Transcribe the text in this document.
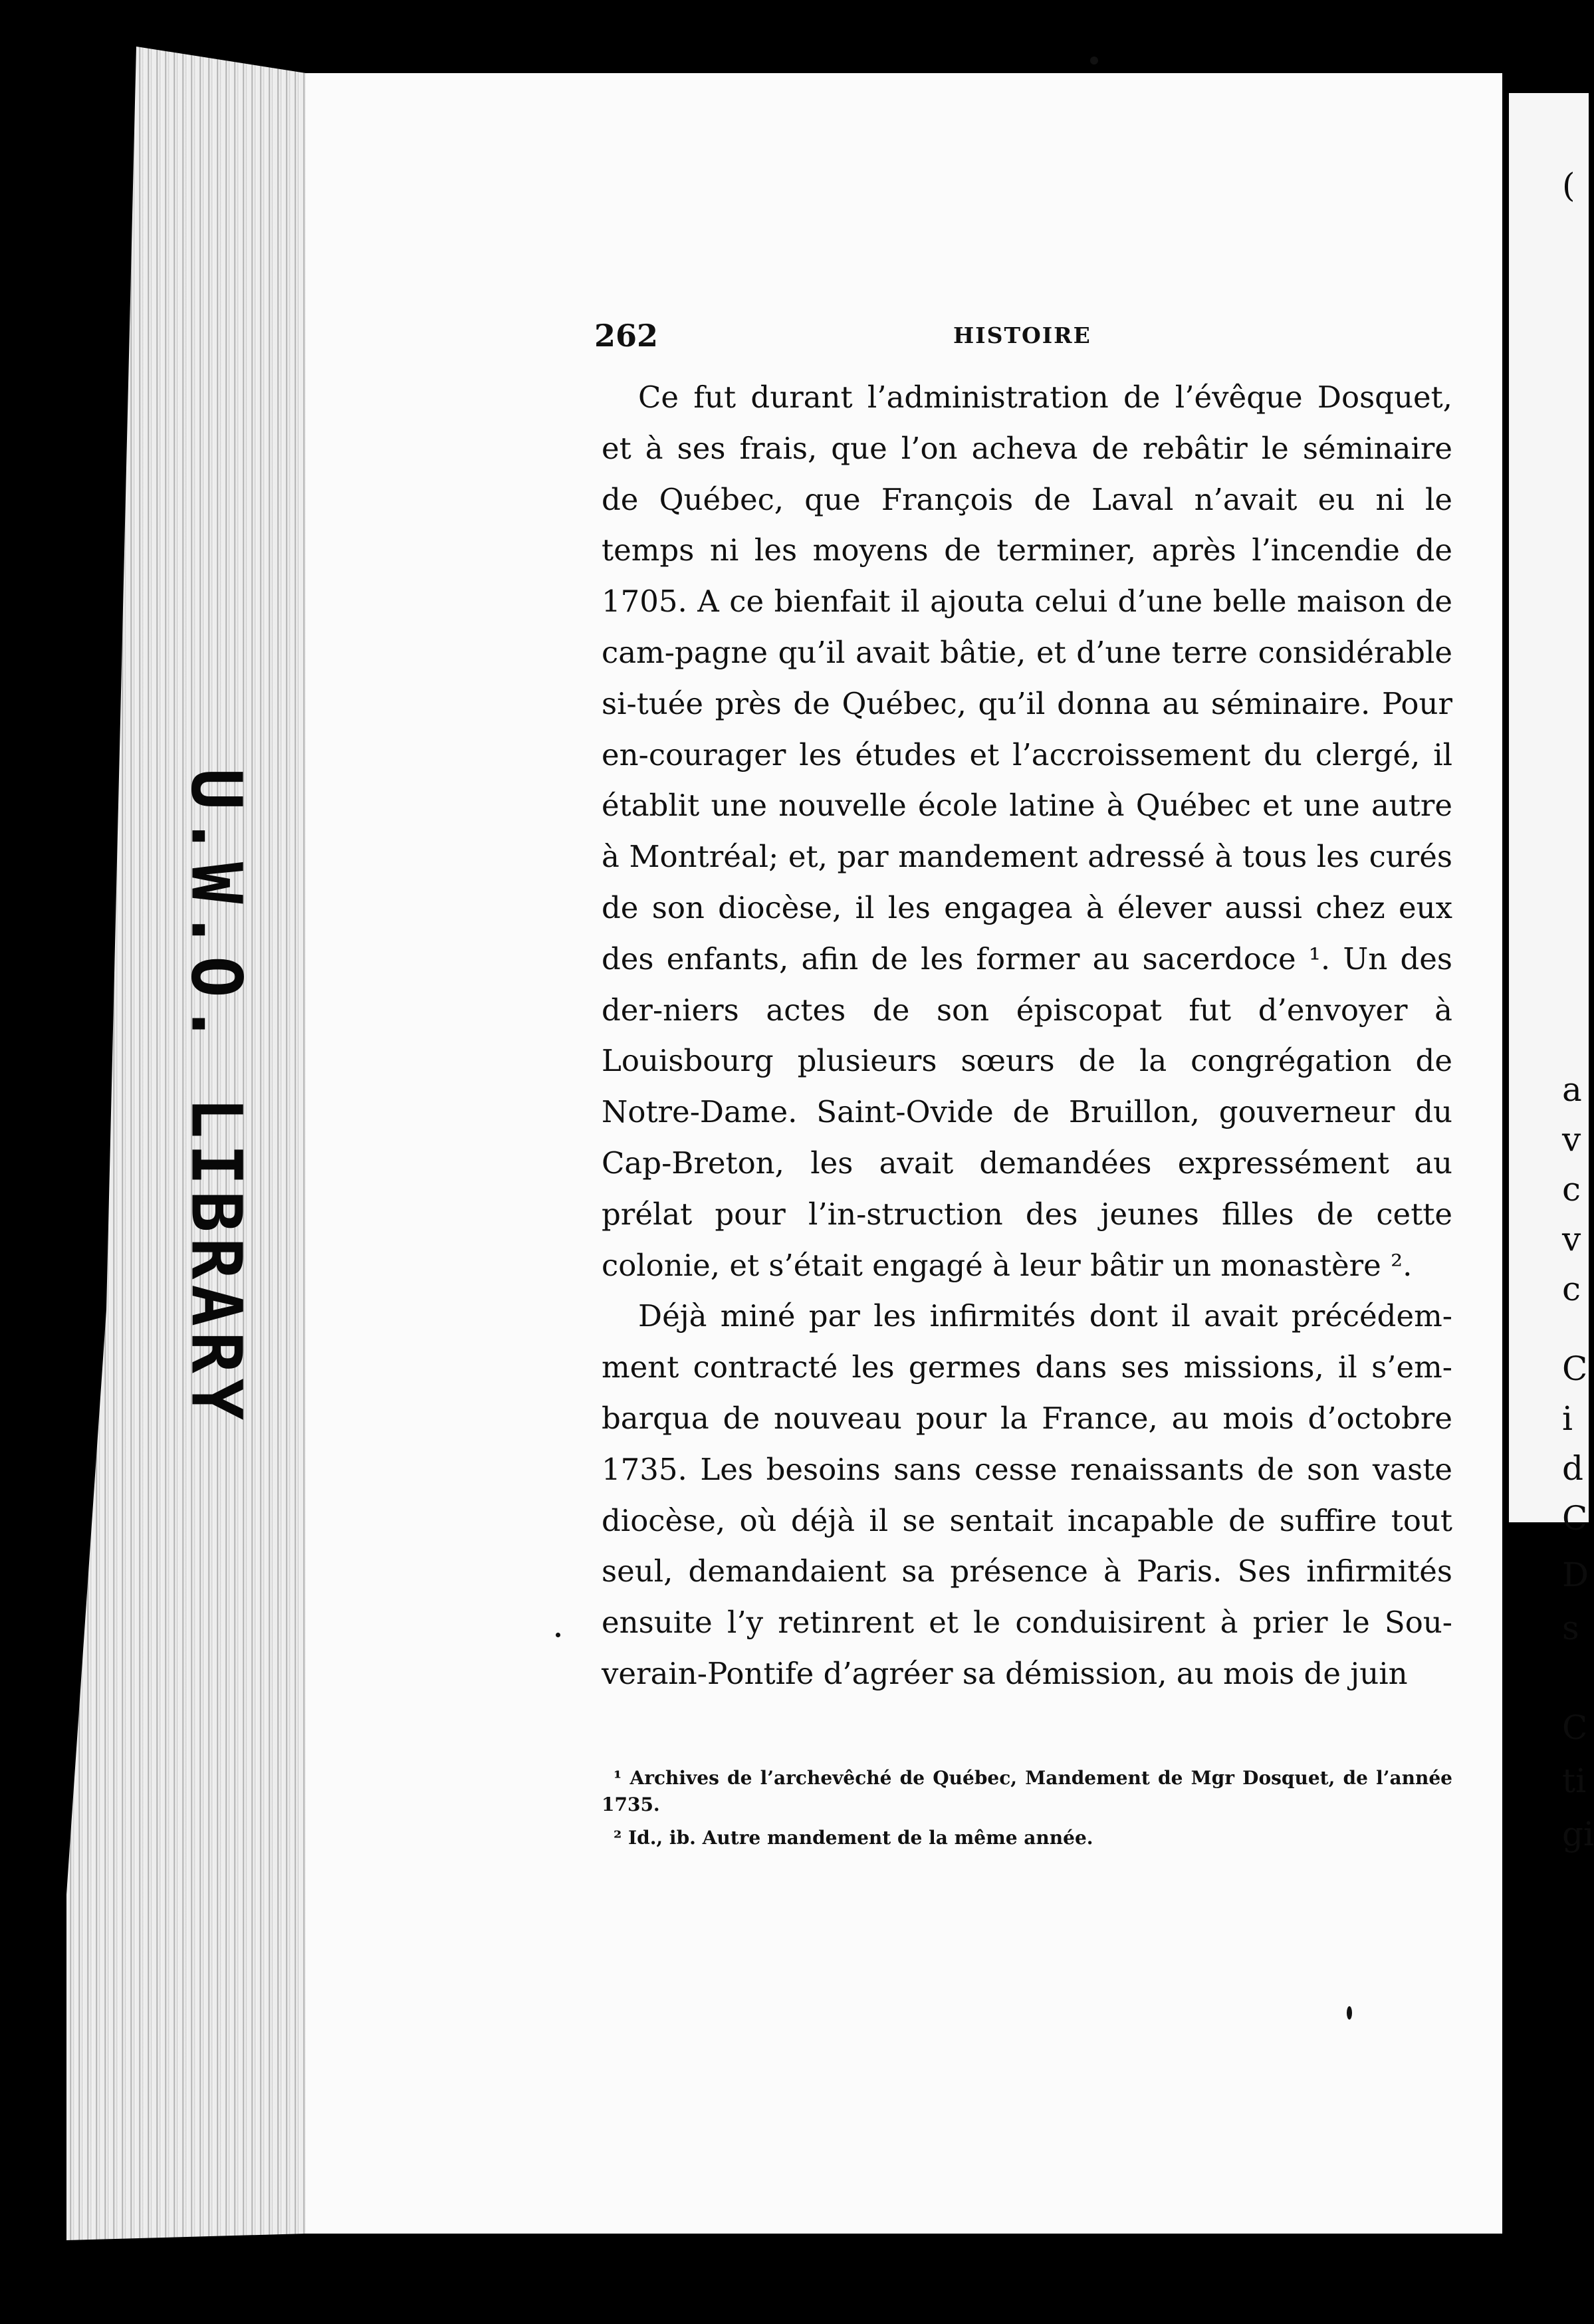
U.W.O. LIBRARY
(
a
v
c
v
c
C
i
d
C
D
s
C
ti
gi
262	HISTOIRE

Ce fut durant l’administration de l’évêque Dosquet, et à ses frais, que l’on acheva de rebâtir le séminaire de Québec, que François de Laval n’avait eu ni le temps ni les moyens de terminer, après l’incendie de 1705. A ce bienfait il ajouta celui d’une belle maison de cam-pagne qu’il avait bâtie, et d’une terre considérable si-tuée près de Québec, qu’il donna au séminaire. Pour en-courager les études et l’accroissement du clergé, il établit une nouvelle école latine à Québec et une autre à Montréal; et, par mandement adressé à tous les curés de son diocèse, il les engagea à élever aussi chez eux des enfants, afin de les former au sacerdoce ¹. Un des der-niers actes de son épiscopat fut d’envoyer à Louisbourg plusieurs sœurs de la congrégation de Notre-Dame. Saint-Ovide de Bruillon, gouverneur du Cap-Breton, les avait demandées expressément au prélat pour l’in-struction des jeunes filles de cette colonie, et s’était engagé à leur bâtir un monastère ².

Déjà miné par les infirmités dont il avait précédem-ment contracté les germes dans ses missions, il s’em-barqua de nouveau pour la France, au mois d’octobre 1735. Les besoins sans cesse renaissants de son vaste diocèse, où déjà il se sentait incapable de suffire tout seul, demandaient sa présence à Paris. Ses infirmités ensuite l’y retinrent et le conduisirent à prier le Sou-verain-Pontife d’agréer sa démission, au mois de juin

¹ Archives de l’archevêché de Québec, Mandement de Mgr Dosquet, de l’année 1735.

² Id., ib. Autre mandement de la même année.
